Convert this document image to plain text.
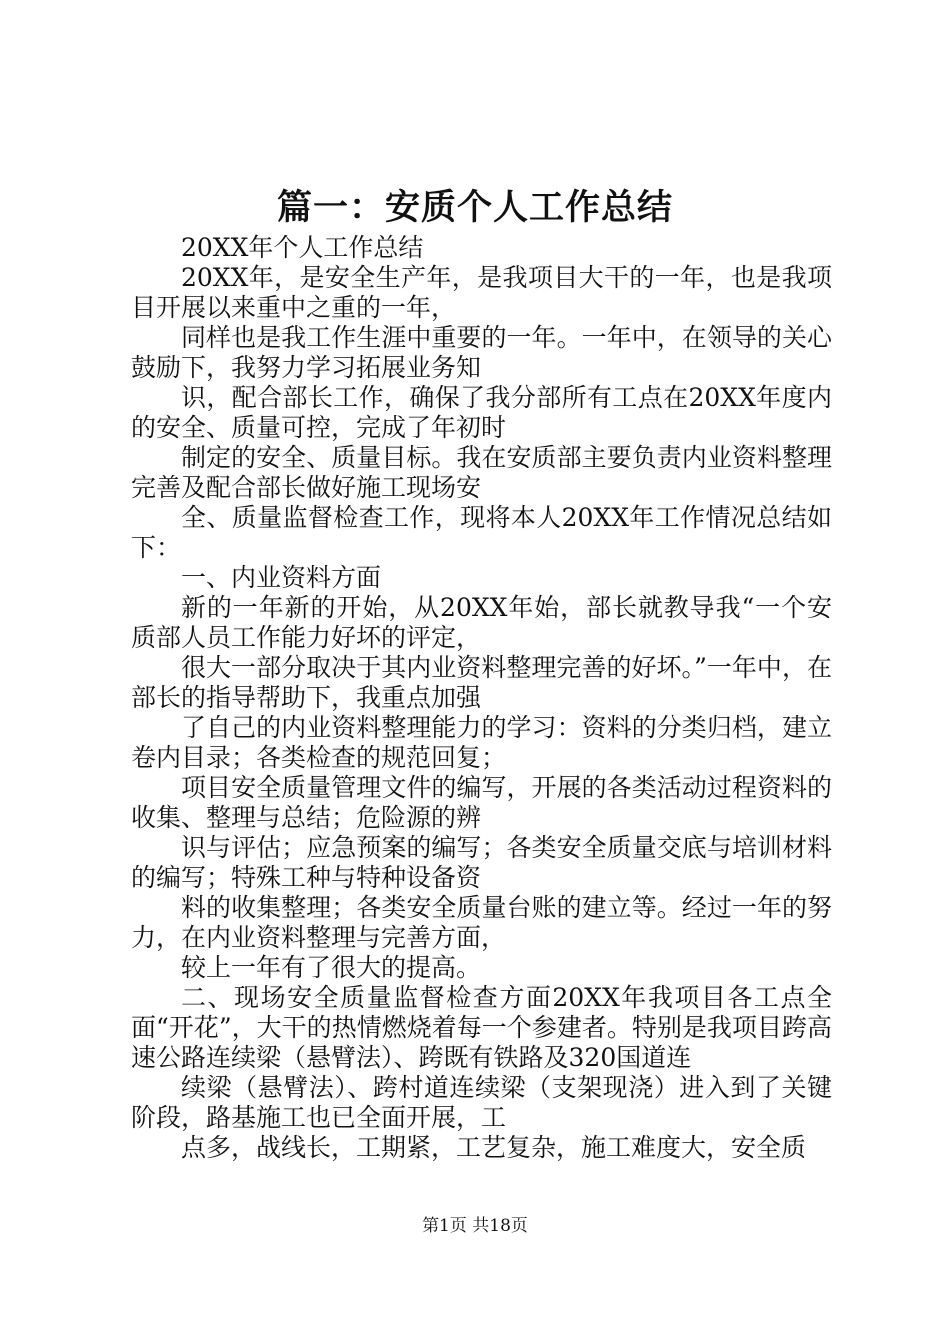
篇一：安质个人工作总结

20XX年个人工作总结

20XX年，是安全生产年，是我项目大干的一年，也是我项目开展以来重中之重的一年，

同样也是我工作生涯中重要的一年。一年中，在领导的关心鼓励下，我努力学习拓展业务知

识，配合部长工作，确保了我分部所有工点在20XX年度内的安全、质量可控，完成了年初时

制定的安全、质量目标。我在安质部主要负责内业资料整理完善及配合部长做好施工现场安

全、质量监督检查工作，现将本人20XX年工作情况总结如下：

一、内业资料方面

新的一年新的开始，从20XX年始，部长就教导我“一个安质部人员工作能力好坏的评定，

很大一部分取决于其内业资料整理完善的好坏。”一年中，在部长的指导帮助下，我重点加强

了自己的内业资料整理能力的学习：资料的分类归档，建立卷内目录；各类检查的规范回复；

项目安全质量管理文件的编写，开展的各类活动过程资料的收集、整理与总结；危险源的辨

识与评估；应急预案的编写；各类安全质量交底与培训材料的编写；特殊工种与特种设备资

料的收集整理；各类安全质量台账的建立等。经过一年的努力，在内业资料整理与完善方面，

较上一年有了很大的提高。

二、现场安全质量监督检查方面20XX年我项目各工点全面“开花”，大干的热情燃烧着每一个参建者。特别是我项目跨高速公路连续梁（悬臂法）、跨既有铁路及320国道连

续梁（悬臂法）、跨村道连续梁（支架现浇）进入到了关键阶段，路基施工也已全面开展，工

点多，战线长，工期紧，工艺复杂，施工难度大，安全质

第1页 共18页
